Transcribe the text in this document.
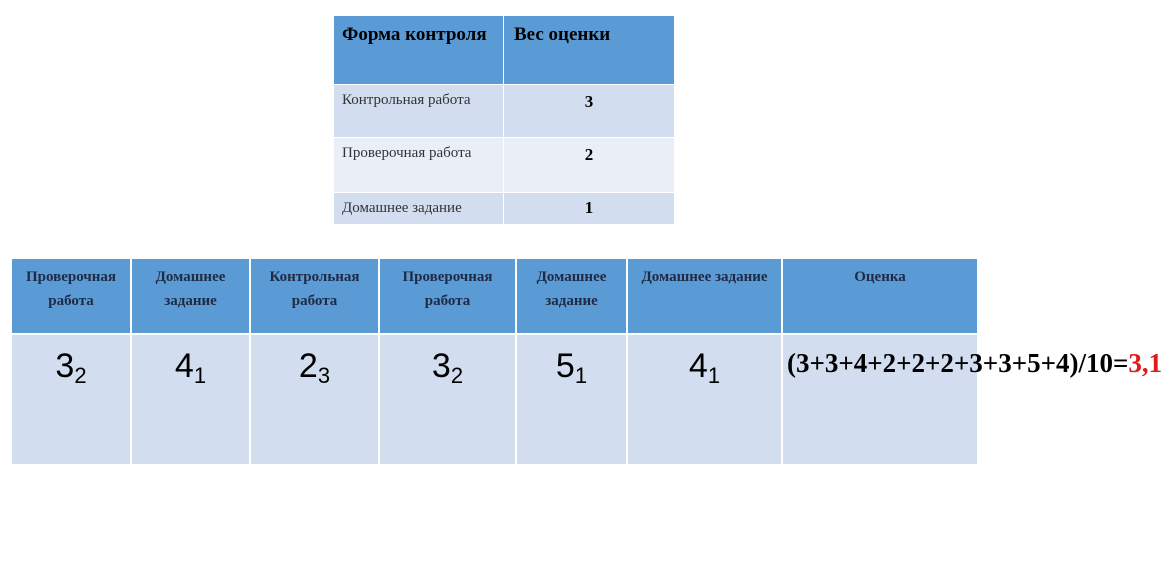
Форма контроля	Вес оценки
Контрольная работа	3
Проверочная работа	2
Домашнее задание	1
Проверочная работа	Домашнее задание	Контрольная работа	Проверочная работа	Домашнее задание	Домашнее задание	Оценка
$3_2$	$4_1$	$2_3$	$3_2$	$5_1$	$4_1$	(3+3+4+2+2+2+3+3+5+4)/10=3,1
